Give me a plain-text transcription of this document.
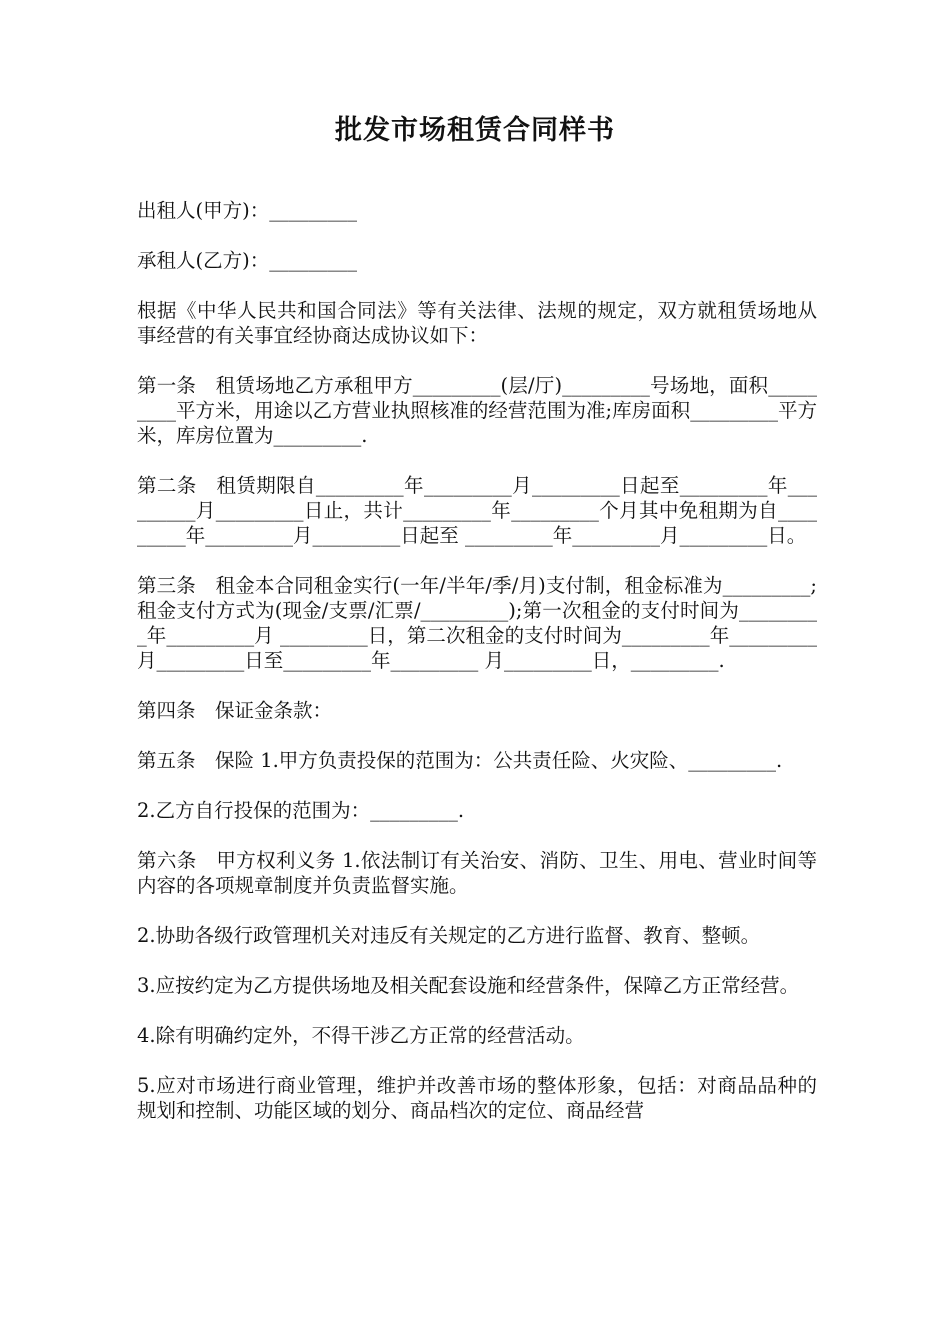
批发市场租赁合同样书

出租人(甲方)：_________

承租人(乙方)：_________

根据《中华人民共和国合同法》等有关法律、法规的规定，双方就租赁场地从事经营的有关事宜经协商达成协议如下：

第一条　租赁场地乙方承租甲方_________(层/厅)_________号场地，面积_________平方米，用途以乙方营业执照核准的经营范围为准;库房面积_________平方米，库房位置为_________.

第二条　租赁期限自_________年_________月_________日起至_________年_________月_________日止，共计_________年_________个月其中免租期为自_________年_________月_________日起至 _________年_________月_________日。

第三条　租金本合同租金实行(一年/半年/季/月)支付制，租金标准为_________;租金支付方式为(现金/支票/汇票/_________);第一次租金的支付时间为_________年_________月 _________日，第二次租金的支付时间为_________年_________月_________日至_________年_________ 月_________日，_________.

第四条　保证金条款：

第五条　保险 1.甲方负责投保的范围为：公共责任险、火灾险、_________.

2.乙方自行投保的范围为：_________.

第六条　甲方权利义务 1.依法制订有关治安、消防、卫生、用电、营业时间等内容的各项规章制度并负责监督实施。

2.协助各级行政管理机关对违反有关规定的乙方进行监督、教育、整顿。

3.应按约定为乙方提供场地及相关配套设施和经营条件，保障乙方正常经营。

4.除有明确约定外，不得干涉乙方正常的经营活动。

5.应对市场进行商业管理，维护并改善市场的整体形象，包括：对商品品种的规划和控制、功能区域的划分、商品档次的定位、商品经营
